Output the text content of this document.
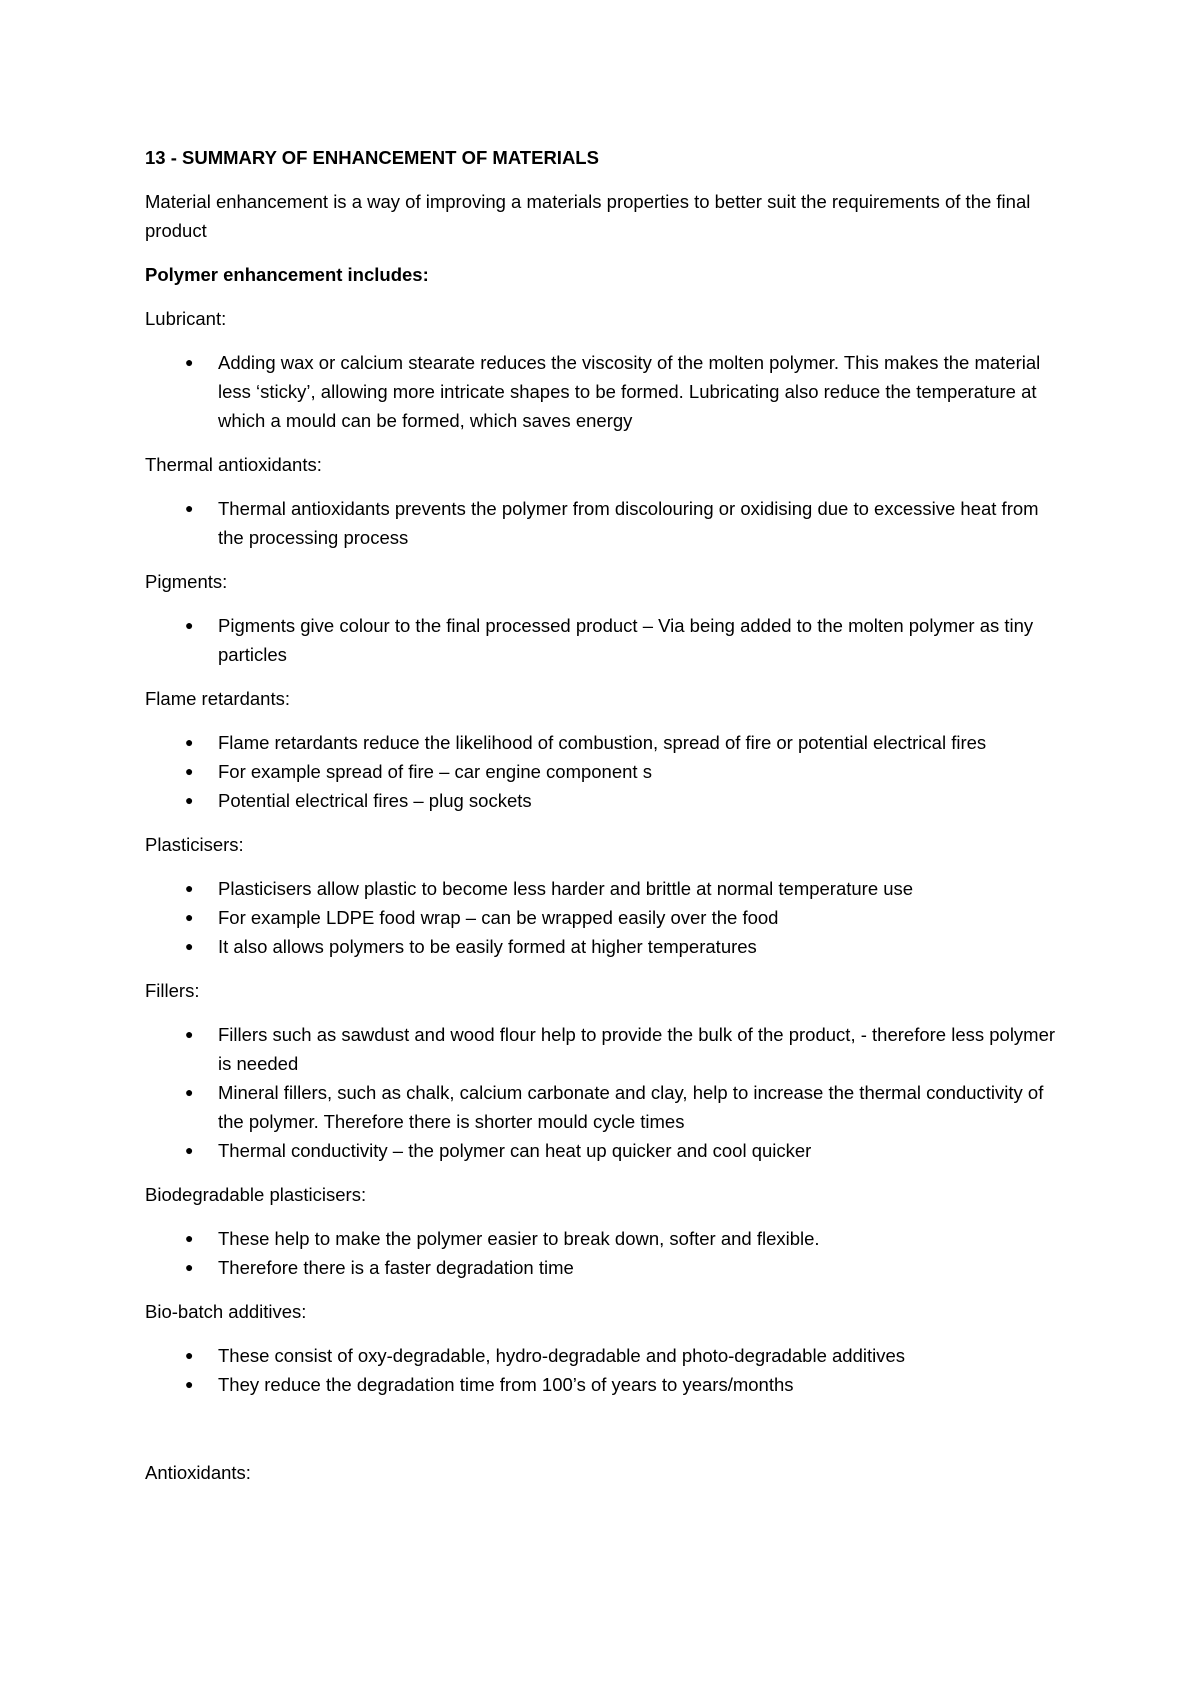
13 - SUMMARY OF ENHANCEMENT OF MATERIALS

Material enhancement is a way of improving a materials properties to better suit the requirements of the final product

Polymer enhancement includes:

Lubricant:

● Adding wax or calcium stearate reduces the viscosity of the molten polymer. This makes the material less ‘sticky’, allowing more intricate shapes to be formed. Lubricating also reduce the temperature at which a mould can be formed, which saves energy

Thermal antioxidants:

● Thermal antioxidants prevents the polymer from discolouring or oxidising due to excessive heat from the processing process

Pigments:

● Pigments give colour to the final processed product – Via being added to the molten polymer as tiny particles

Flame retardants:

● Flame retardants reduce the likelihood of combustion, spread of fire or potential electrical fires
● For example spread of fire – car engine component s
● Potential electrical fires – plug sockets

Plasticisers:

● Plasticisers allow plastic to become less harder and brittle at normal temperature use
● For example LDPE food wrap – can be wrapped easily over the food
● It also allows polymers to be easily formed at higher temperatures

Fillers:

● Fillers such as sawdust and wood flour help to provide the bulk of the product, - therefore less polymer is needed
● Mineral fillers, such as chalk, calcium carbonate and clay, help to increase the thermal conductivity of the polymer. Therefore there is shorter mould cycle times
● Thermal conductivity – the polymer can heat up quicker and cool quicker

Biodegradable plasticisers:

● These help to make the polymer easier to break down, softer and flexible.
● Therefore there is a faster degradation time

Bio-batch additives:

● These consist of oxy-degradable, hydro-degradable and photo-degradable additives
● They reduce the degradation time from 100’s of years to years/months

Antioxidants:
